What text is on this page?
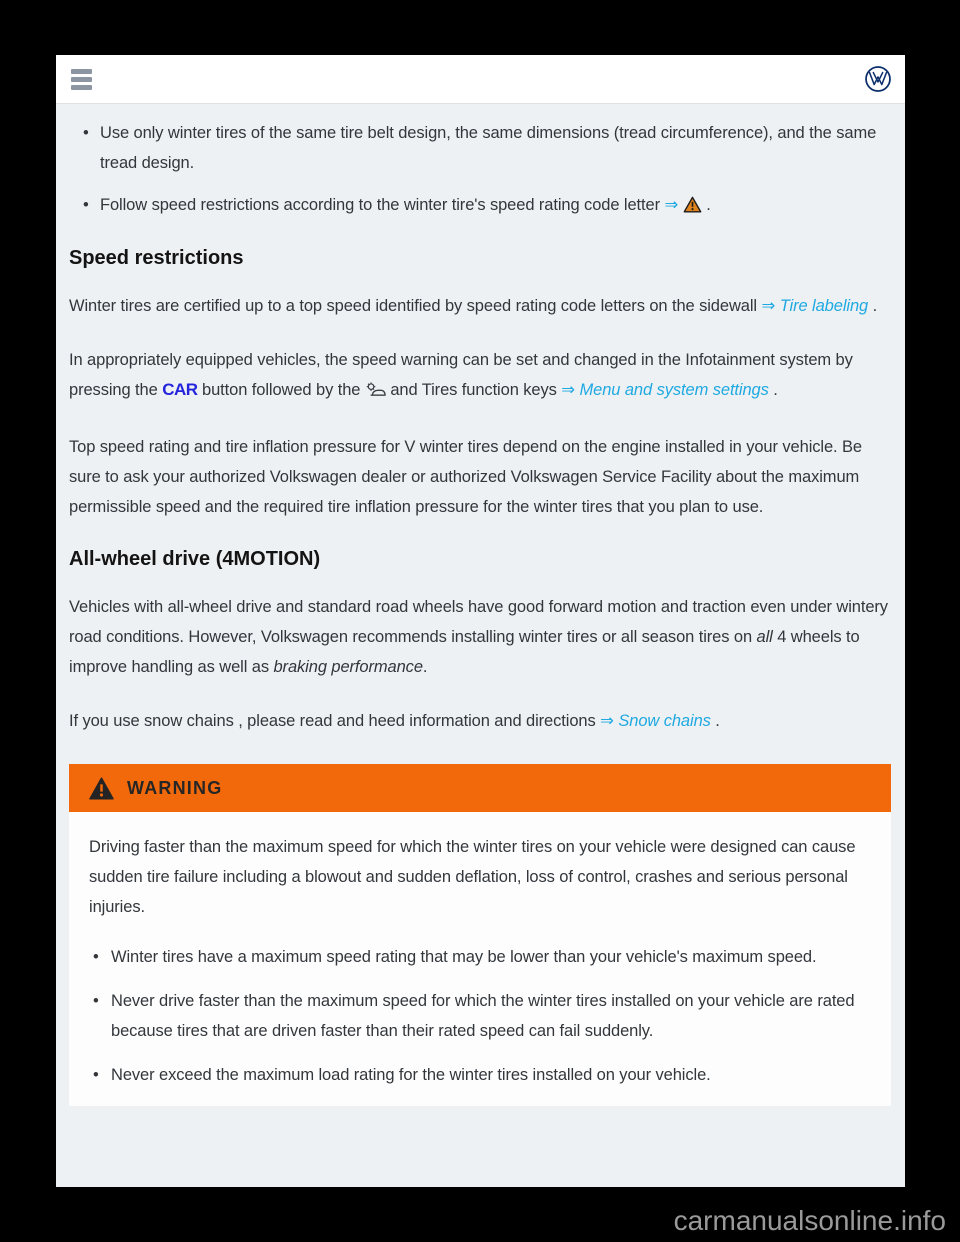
• Use only winter tires of the same tire belt design, the same dimensions (tread circumference), and the same tread design.
• Follow speed restrictions according to the winter tire's speed rating code letter ⇒ .
Speed restrictions

Winter tires are certified up to a top speed identified by speed rating code letters on the sidewall ⇒ Tire labeling .

In appropriately equipped vehicles, the speed warning can be set and changed in the Infotainment system by pressing the CAR button followed by the and Tires function keys ⇒ Menu and system settings .

Top speed rating and tire inflation pressure for V winter tires depend on the engine installed in your vehicle. Be sure to ask your authorized Volkswagen dealer or authorized Volkswagen Service Facility about the maximum permissible speed and the required tire inflation pressure for the winter tires that you plan to use.

All-wheel drive (4MOTION)

Vehicles with all-wheel drive and standard road wheels have good forward motion and traction even under wintery road conditions. However, Volkswagen recommends installing winter tires or all season tires on all 4 wheels to improve handling as well as braking performance.

If you use snow chains , please read and heed information and directions ⇒ Snow chains .

WARNING

Driving faster than the maximum speed for which the winter tires on your vehicle were designed can cause sudden tire failure including a blowout and sudden deflation, loss of control, crashes and serious personal injuries.

• Winter tires have a maximum speed rating that may be lower than your vehicle's maximum speed.
• Never drive faster than the maximum speed for which the winter tires installed on your vehicle are rated because tires that are driven faster than their rated speed can fail suddenly.
• Never exceed the maximum load rating for the winter tires installed on your vehicle.
carmanualsonline.info
